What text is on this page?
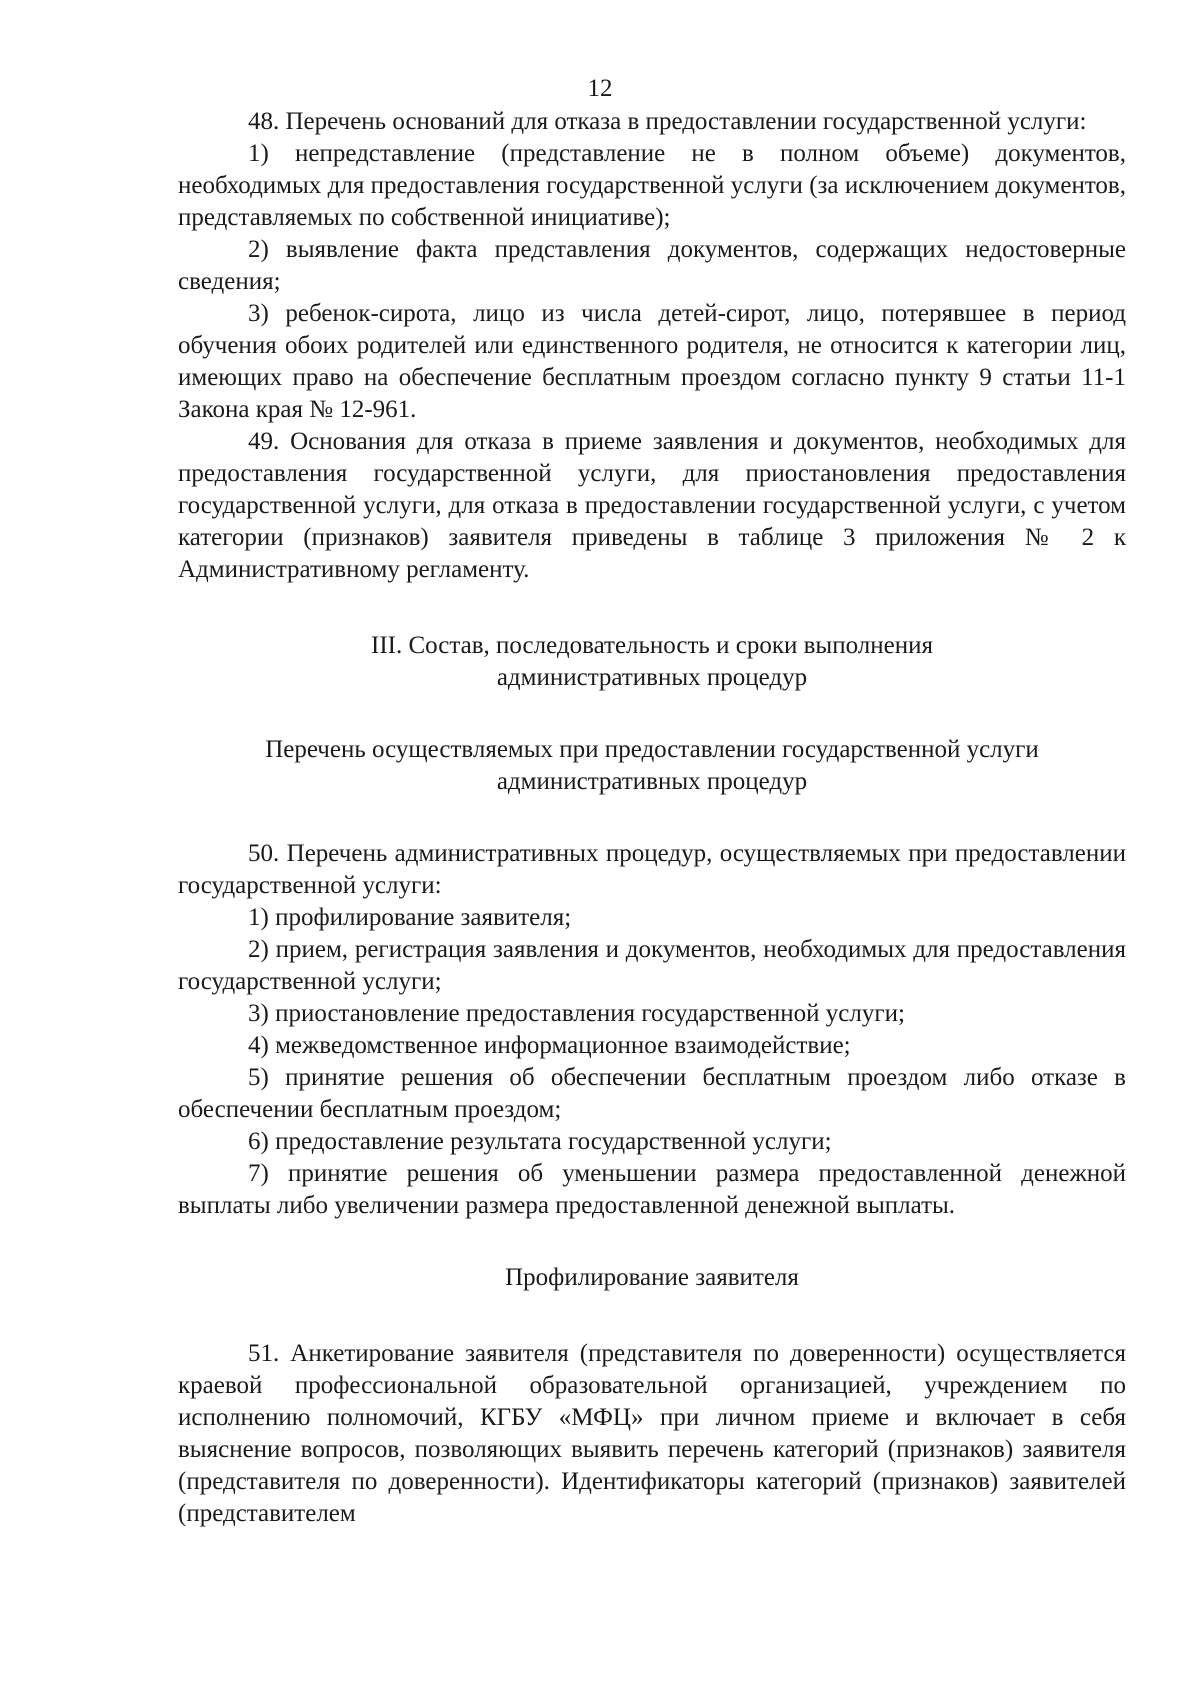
12

48. Перечень оснований для отказа в предоставлении государственной услуги:

1) непредставление (представление не в полном объеме) документов, необходимых для предоставления государственной услуги (за исключением документов, представляемых по собственной инициативе);

2) выявление факта представления документов, содержащих недостоверные сведения;

3) ребенок-сирота, лицо из числа детей-сирот, лицо, потерявшее в период обучения обоих родителей или единственного родителя, не относится к категории лиц, имеющих право на обеспечение бесплатным проездом согласно пункту 9 статьи 11-1 Закона края № 12-961.

49. Основания для отказа в приеме заявления и документов, необходимых для предоставления государственной услуги, для приостановления предоставления государственной услуги, для отказа в предоставлении государственной услуги, с учетом категории (признаков) заявителя приведены в таблице 3 приложения № 2 к Административному регламенту.

III. Состав, последовательность и сроки выполнения

административных процедур

Перечень осуществляемых при предоставлении государственной услуги

административных процедур

50. Перечень административных процедур, осуществляемых при предоставлении государственной услуги:

1) профилирование заявителя;

2) прием, регистрация заявления и документов, необходимых для предоставления государственной услуги;

3) приостановление предоставления государственной услуги;

4) межведомственное информационное взаимодействие;

5) принятие решения об обеспечении бесплатным проездом либо отказе в обеспечении бесплатным проездом;

6) предоставление результата государственной услуги;

7) принятие решения об уменьшении размера предоставленной денежной выплаты либо увеличении размера предоставленной денежной выплаты.

Профилирование заявителя

51. Анкетирование заявителя (представителя по доверенности) осуществляется краевой профессиональной образовательной организацией, учреждением по исполнению полномочий, КГБУ «МФЦ» при личном приеме и включает в себя выяснение вопросов, позволяющих выявить перечень категорий (признаков) заявителя (представителя по доверенности). Идентификаторы категорий (признаков) заявителей (представителем
